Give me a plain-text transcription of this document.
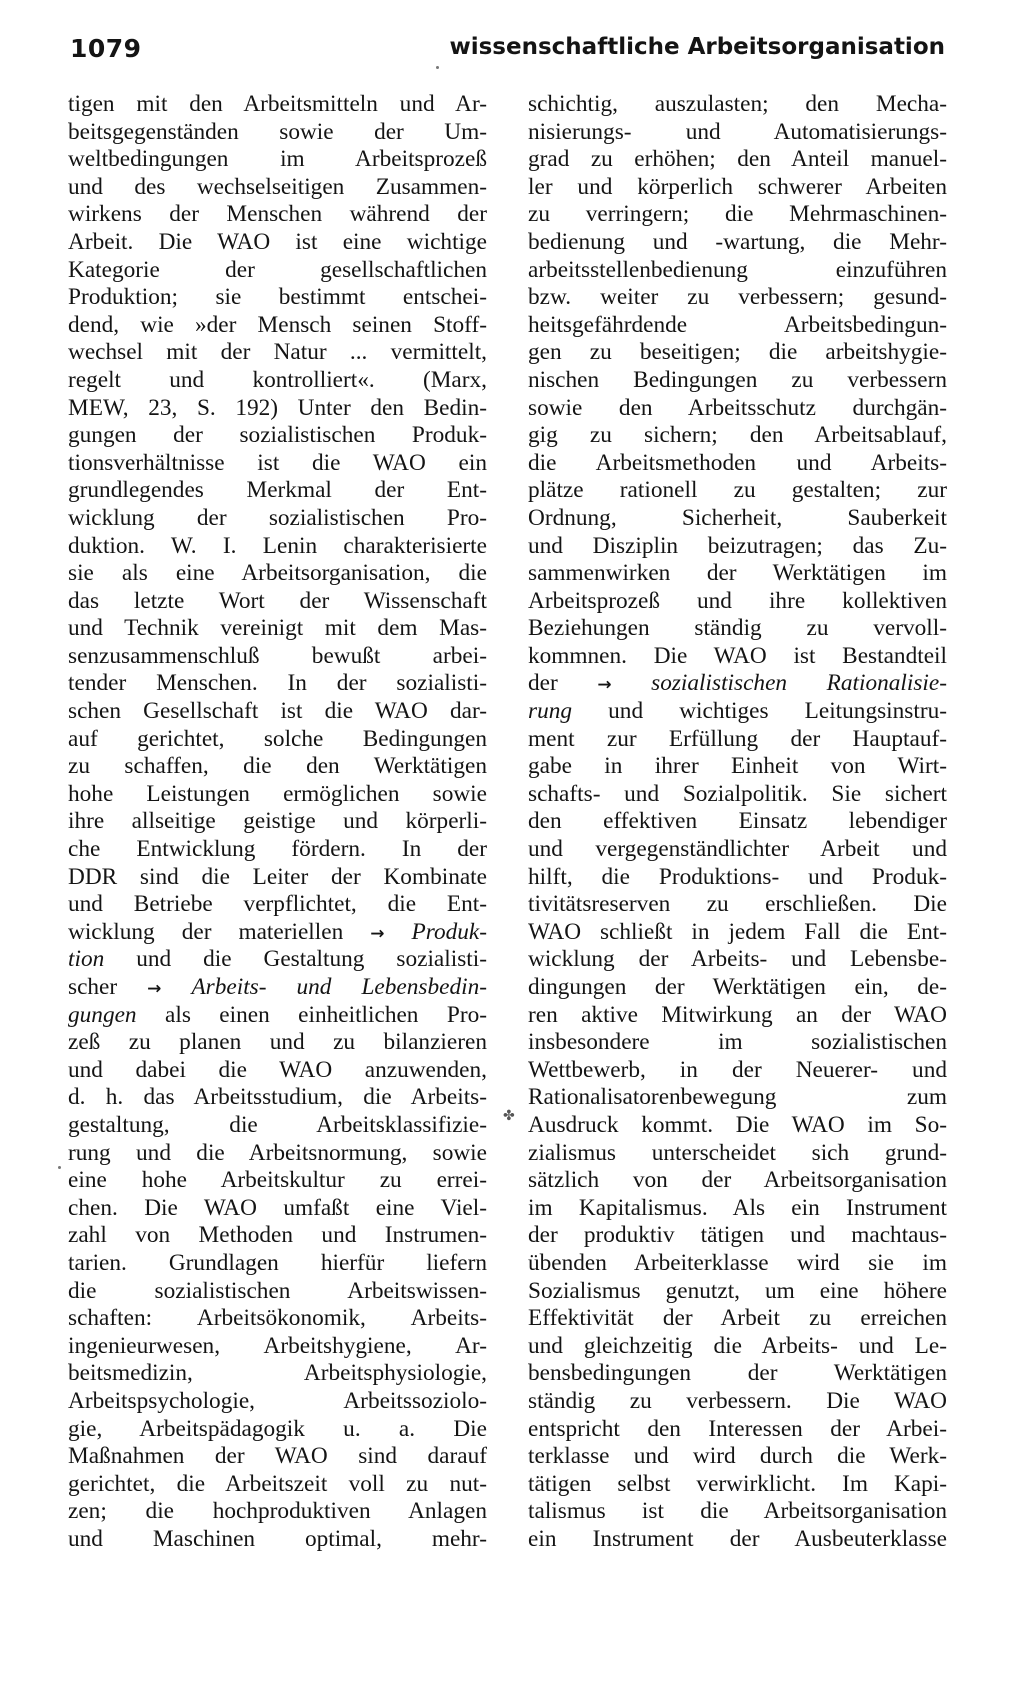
1079	wissenschaftliche Arbeitsorganisation

tigen mit den Arbeitsmitteln und Ar-
beitsgegenständen sowie der Um-
weltbedingungen im Arbeitsprozeß
und des wechselseitigen Zusammen-
wirkens der Menschen während der
Arbeit. Die WAO ist eine wichtige
Kategorie der gesellschaftlichen
Produktion; sie bestimmt entschei-
dend, wie »der Mensch seinen Stoff-
wechsel mit der Natur ... vermittelt,
regelt und kontrolliert«. (Marx,
MEW, 23, S. 192) Unter den Bedin-
gungen der sozialistischen Produk-
tionsverhältnisse ist die WAO ein
grundlegendes Merkmal der Ent-
wicklung der sozialistischen Pro-
duktion. W. I. Lenin charakterisierte
sie als eine Arbeitsorganisation, die
das letzte Wort der Wissenschaft
und Technik vereinigt mit dem Mas-
senzusammenschluß bewußt arbei-
tender Menschen. In der sozialisti-
schen Gesellschaft ist die WAO dar-
auf gerichtet, solche Bedingungen
zu schaffen, die den Werktätigen
hohe Leistungen ermöglichen sowie
ihre allseitige geistige und körperli-
che Entwicklung fördern. In der
DDR sind die Leiter der Kombinate
und Betriebe verpflichtet, die Ent-
wicklung der materiellen → Produk-
tion und die Gestaltung sozialisti-
scher → Arbeits- und Lebensbedin-
gungen als einen einheitlichen Pro-
zeß zu planen und zu bilanzieren
und dabei die WAO anzuwenden,
d. h. das Arbeitsstudium, die Arbeits-
gestaltung, die Arbeitsklassifizie-
rung und die Arbeitsnormung, sowie
eine hohe Arbeitskultur zu errei-
chen. Die WAO umfaßt eine Viel-
zahl von Methoden und Instrumen-
tarien. Grundlagen hierfür liefern
die sozialistischen Arbeitswissen-
schaften: Arbeitsökonomik, Arbeits-
ingenieurwesen, Arbeitshygiene, Ar-
beitsmedizin, Arbeitsphysiologie,
Arbeitspsychologie, Arbeitssoziolo-
gie, Arbeitspädagogik u. a. Die
Maßnahmen der WAO sind darauf
gerichtet, die Arbeitszeit voll zu nut-
zen; die hochproduktiven Anlagen
und Maschinen optimal, mehr-
schichtig, auszulasten; den Mecha-
nisierungs- und Automatisierungs-
grad zu erhöhen; den Anteil manuel-
ler und körperlich schwerer Arbeiten
zu verringern; die Mehrmaschinen-
bedienung und -wartung, die Mehr-
arbeitsstellenbedienung einzuführen
bzw. weiter zu verbessern; gesund-
heitsgefährdende Arbeitsbedingun-
gen zu beseitigen; die arbeitshygie-
nischen Bedingungen zu verbessern
sowie den Arbeitsschutz durchgän-
gig zu sichern; den Arbeitsablauf,
die Arbeitsmethoden und Arbeits-
plätze rationell zu gestalten; zur
Ordnung, Sicherheit, Sauberkeit
und Disziplin beizutragen; das Zu-
sammenwirken der Werktätigen im
Arbeitsprozeß und ihre kollektiven
Beziehungen ständig zu vervoll-
kommnen. Die WAO ist Bestandteil
der → sozialistischen Rationalisie-
rung und wichtiges Leitungsinstru-
ment zur Erfüllung der Hauptauf-
gabe in ihrer Einheit von Wirt-
schafts- und Sozialpolitik. Sie sichert
den effektiven Einsatz lebendiger
und vergegenständlichter Arbeit und
hilft, die Produktions- und Produk-
tivitätsreserven zu erschließen. Die
WAO schließt in jedem Fall die Ent-
wicklung der Arbeits- und Lebensbe-
dingungen der Werktätigen ein, de-
ren aktive Mitwirkung an der WAO
insbesondere im sozialistischen
Wettbewerb, in der Neuerer- und
Rationalisatorenbewegung zum
Ausdruck kommt. Die WAO im So-
zialismus unterscheidet sich grund-
sätzlich von der Arbeitsorganisation
im Kapitalismus. Als ein Instrument
der produktiv tätigen und machtaus-
übenden Arbeiterklasse wird sie im
Sozialismus genutzt, um eine höhere
Effektivität der Arbeit zu erreichen
und gleichzeitig die Arbeits- und Le-
bensbedingungen der Werktätigen
ständig zu verbessern. Die WAO
entspricht den Interessen der Arbei-
terklasse und wird durch die Werk-
tätigen selbst verwirklicht. Im Kapi-
talismus ist die Arbeitsorganisation
ein Instrument der Ausbeuterklasse
✤
